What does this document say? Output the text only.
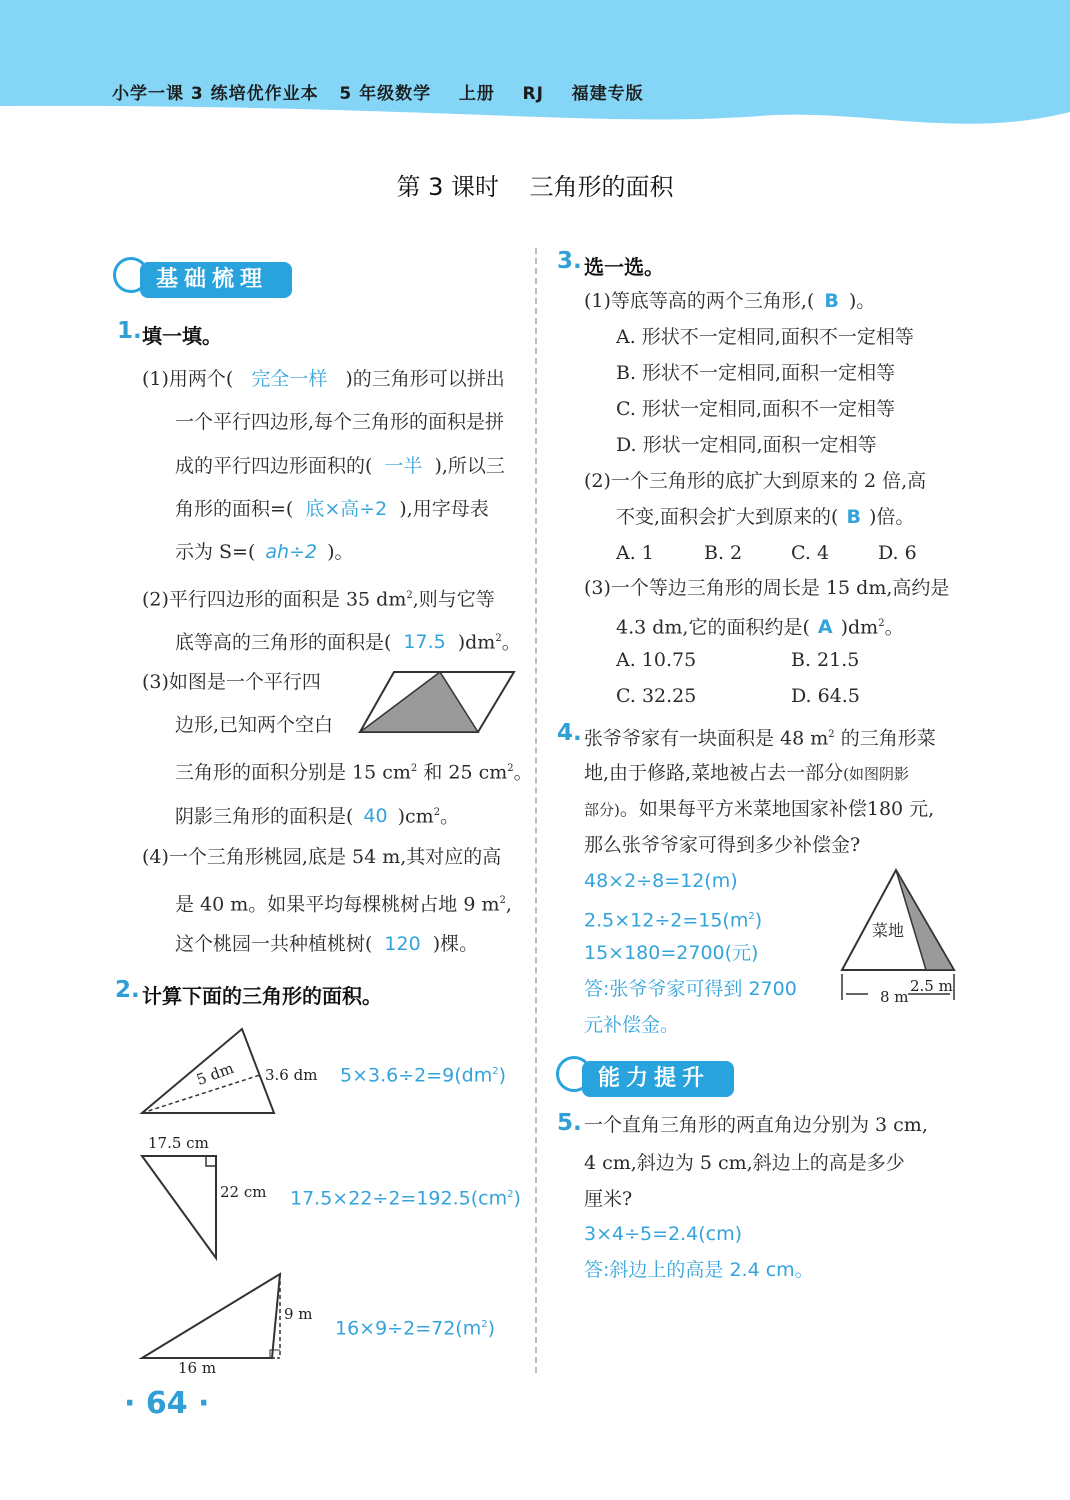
小学一课 3 练培优作业本   5 年级数学    上册    RJ    福建专版
第 3 课时    三角形的面积
基础梳理
1. 填一填。
(1)用两个( 完全一样 )的三角形可以拼出
一个平行四边形,每个三角形的面积是拼
成的平行四边形面积的( 一半 ),所以三
角形的面积=( 底×高÷2 ),用字母表
示为 S=( ah÷2 )。
(2)平行四边形的面积是 35 $dm^2$,则与它等
底等高的三角形的面积是( 17.5 )$dm^2$。
(3)如图是一个平行四
边形,已知两个空白
三角形的面积分别是 15 $cm^2$ 和 25 $cm^2$。
阴影三角形的面积是( 40 )$cm^2$。
(4)一个三角形桃园,底是 54 m,其对应的高
是 40 m。如果平均每棵桃树占地 9 $m^2$,
这个桃园一共种植桃树( 120 )棵。
2. 计算下面的三角形的面积。
5 dm 3.6 dm $5\times 3.6\div 2=9(dm^2)$
17.5 cm
22 cm $17.5\times 22\div 2=192.5(cm^2)$
9 m
16 m
$16\times 9\div 2=72(m^2)$
· 64 ·
3. 选一选。
(1)等底等高的两个三角形,( B )。
A. 形状不一定相同,面积不一定相等
B. 形状不一定相同,面积一定相等
C. 形状一定相同,面积不一定相等
D. 形状一定相同,面积一定相等
(2)一个三角形的底扩大到原来的 2 倍,高
不变,面积会扩大到原来的( B )倍。
A. 1	B. 2	C. 4	D. 6
(3)一个等边三角形的周长是 15 dm,高约是
4.3 dm,它的面积约是( A )$dm^2$。
A. 10.75	B. 21.5
C. 32.25	D. 64.5
4. 张爷爷家有一块面积是 48 $m^2$ 的三角形菜
地,由于修路,菜地被占去一部分(如图阴影
部分)。如果每平方米菜地国家补偿180 元,
那么张爷爷家可得到多少补偿金?
48×2÷8=12(m)
$2.5\times 12\div 2=15(m^2)$
15×180=2700(元)
答:张爷爷家可得到 2700
元补偿金。
菜地
8 m
2.5 m
能力提升
5. 一个直角三角形的两直角边分别为 3 cm,
4 cm,斜边为 5 cm,斜边上的高是多少
厘米?
3×4÷5=2.4(cm)
答:斜边上的高是 2.4 cm。
